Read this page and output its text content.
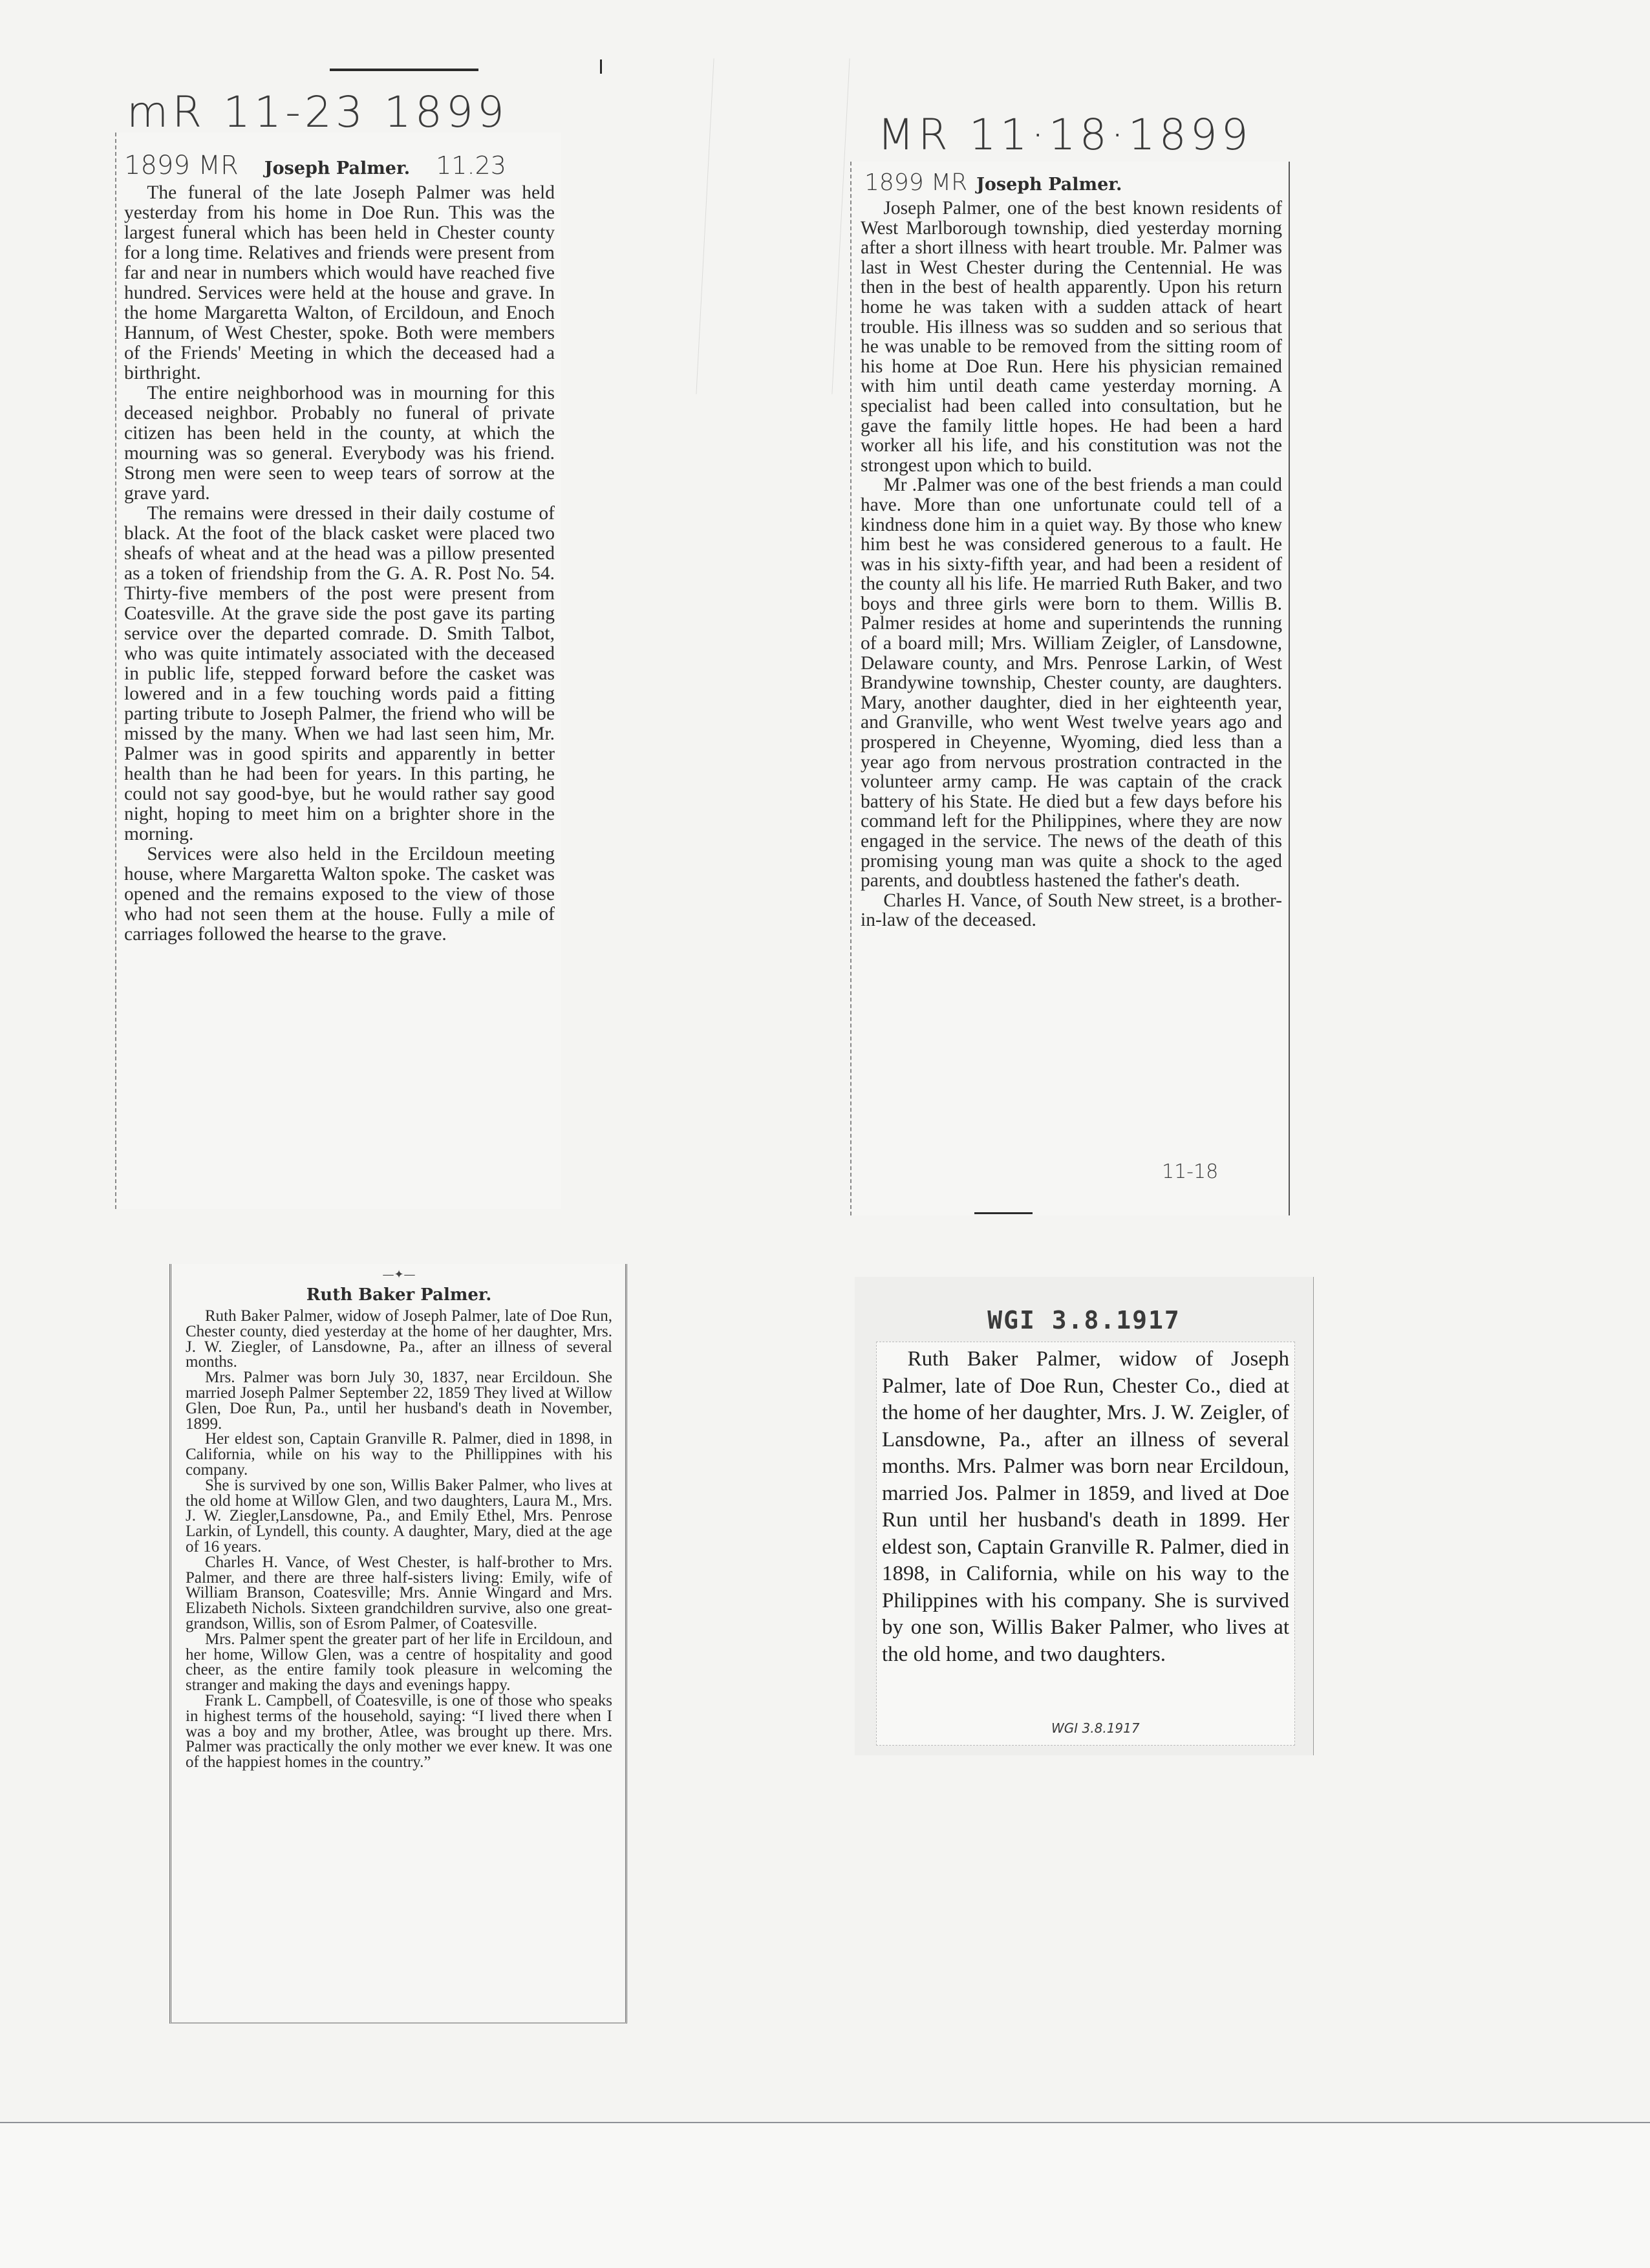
mR 11-23 1899
1899 MR Joseph Palmer. 11.23

The funeral of the late Joseph Palmer was held yesterday from his home in Doe Run. This was the largest funeral which has been held in Chester county for a long time. Relatives and friends were present from far and near in numbers which would have reached five hundred. Services were held at the house and grave. In the home Margaretta Walton, of Ercildoun, and Enoch Hannum, of West Chester, spoke. Both were members of the Friends' Meeting in which the deceased had a birthright.

The entire neighborhood was in mourning for this deceased neighbor. Probably no funeral of private citizen has been held in the county, at which the mourning was so general. Everybody was his friend. Strong men were seen to weep tears of sorrow at the grave yard.

The remains were dressed in their daily costume of black. At the foot of the black casket were placed two sheafs of wheat and at the head was a pillow presented as a token of friendship from the G. A. R. Post No. 54. Thirty-five members of the post were present from Coatesville. At the grave side the post gave its parting service over the departed comrade. D. Smith Talbot, who was quite intimately associated with the deceased in public life, stepped forward before the casket was lowered and in a few touching words paid a fitting parting tribute to Joseph Palmer, the friend who will be missed by the many. When we had last seen him, Mr. Palmer was in good spirits and apparently in better health than he had been for years. In this parting, he could not say good-bye, but he would rather say good night, hoping to meet him on a brighter shore in the morning.

Services were also held in the Ercildoun meeting house, where Margaretta Walton spoke. The casket was opened and the remains exposed to the view of those who had not seen them at the house. Fully a mile of carriages followed the hearse to the grave.

MR 11·18·1899
1899 MR Joseph Palmer.

Joseph Palmer, one of the best known residents of West Marlborough township, died yesterday morning after a short illness with heart trouble. Mr. Palmer was last in West Chester during the Centennial. He was then in the best of health apparently. Upon his return home he was taken with a sudden attack of heart trouble. His illness was so sudden and so serious that he was unable to be removed from the sitting room of his home at Doe Run. Here his physician remained with him until death came yesterday morning. A specialist had been called into consultation, but he gave the family little hopes. He had been a hard worker all his life, and his constitution was not the strongest upon which to build.

Mr .Palmer was one of the best friends a man could have. More than one unfortunate could tell of a kindness done him in a quiet way. By those who knew him best he was considered generous to a fault. He was in his sixty-fifth year, and had been a resident of the county all his life. He married Ruth Baker, and two boys and three girls were born to them. Willis B. Palmer resides at home and superintends the running of a board mill; Mrs. William Zeigler, of Lansdowne, Delaware county, and Mrs. Penrose Larkin, of West Brandywine township, Chester county, are daughters. Mary, another daughter, died in her eighteenth year, and Granville, who went West twelve years ago and prospered in Cheyenne, Wyoming, died less than a year ago from nervous prostration contracted in the volunteer army camp. He was captain of the crack battery of his State. He died but a few days before his command left for the Philippines, where they are now engaged in the service. The news of the death of this promising young man was quite a shock to the aged parents, and doubtless hastened the father's death.

Charles H. Vance, of South New street, is a brother-in-law of the deceased.

11-18
—✦—
Ruth Baker Palmer.

Ruth Baker Palmer, widow of Joseph Palmer, late of Doe Run, Chester county, died yesterday at the home of her daughter, Mrs. J. W. Ziegler, of Lansdowne, Pa., after an illness of several months.

Mrs. Palmer was born July 30, 1837, near Ercildoun. She married Joseph Palmer September 22, 1859 They lived at Willow Glen, Doe Run, Pa., until her husband's death in November, 1899.

Her eldest son, Captain Granville R. Palmer, died in 1898, in California, while on his way to the Phillippines with his company.

She is survived by one son, Willis Baker Palmer, who lives at the old home at Willow Glen, and two daughters, Laura M., Mrs. J. W. Ziegler,Lansdowne, Pa., and Emily Ethel, Mrs. Penrose Larkin, of Lyndell, this county. A daughter, Mary, died at the age of 16 years.

Charles H. Vance, of West Chester, is half-brother to Mrs. Palmer, and there are three half-sisters living: Emily, wife of William Branson, Coatesville; Mrs. Annie Wingard and Mrs. Elizabeth Nichols. Sixteen grandchildren survive, also one great-grandson, Willis, son of Esrom Palmer, of Coatesville.

Mrs. Palmer spent the greater part of her life in Ercildoun, and her home, Willow Glen, was a centre of hospitality and good cheer, as the entire family took pleasure in welcoming the stranger and making the days and evenings happy.

Frank L. Campbell, of Coatesville, is one of those who speaks in highest terms of the household, saying: “I lived there when I was a boy and my brother, Atlee, was brought up there. Mrs. Palmer was practically the only mother we ever knew. It was one of the happiest homes in the country.”

WGI 3.8.1917

Ruth Baker Palmer, widow of Joseph Palmer, late of Doe Run, Chester Co., died at the home of her daughter, Mrs. J. W. Zeigler, of Lansdowne, Pa., after an illness of several months. Mrs. Palmer was born near Ercildoun, married Jos. Palmer in 1859, and lived at Doe Run until her husband's death in 1899. Her eldest son, Captain Granville R. Palmer, died in 1898, in California, while on his way to the Philippines with his company. She is survived by one son, Willis Baker Palmer, who lives at the old home, and two daughters.

WGI 3.8.1917
